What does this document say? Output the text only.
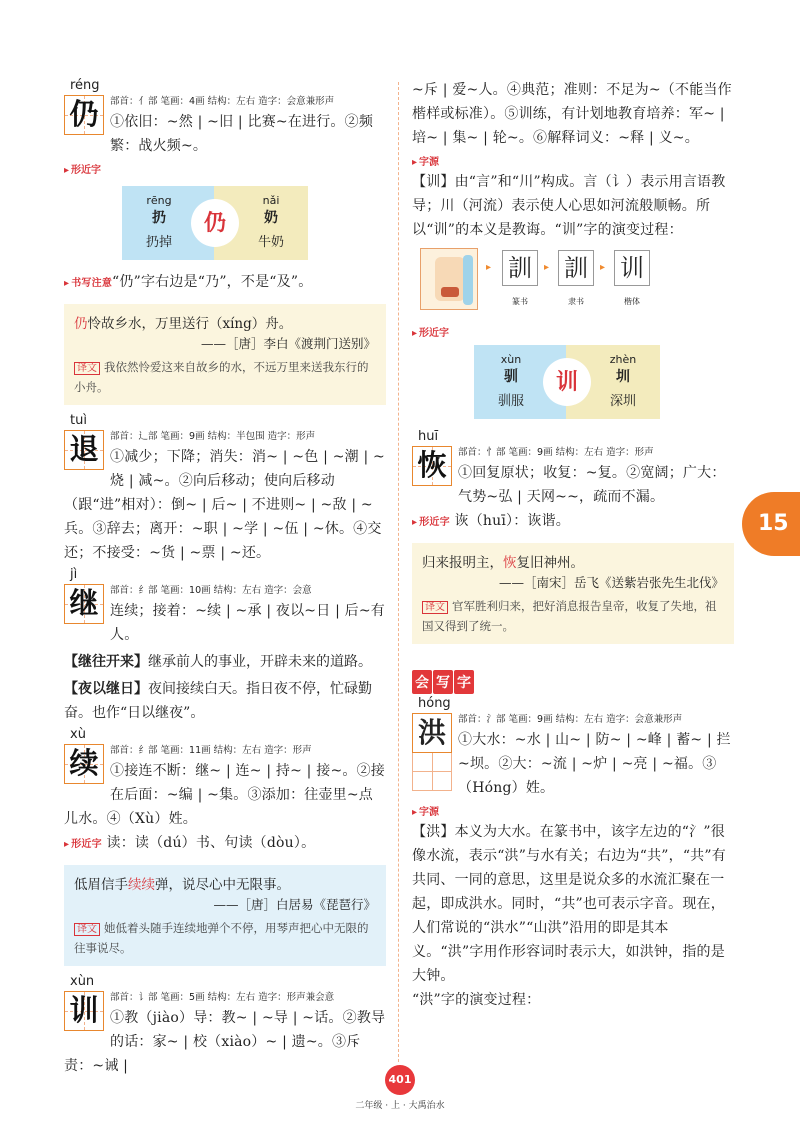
réng
仍	部首：亻部 笔画：4画 结构：左右 造字：会意兼形声
①依旧：~然 | ~旧 | 比赛~在进行。②频繁：战火频~。
▸ 形近字
rēng
扔
扔掉
仍
nǎi
奶
牛奶
▸ 书写注意“仍”字右边是“乃”，不是“及”。
仍怜故乡水，万里送行（xíng）舟。
——［唐］李白《渡荆门送别》
译文 我依然怜爱这来自故乡的水，不远万里来送我东行的小舟。
tuì
退	部首：辶部 笔画：9画 结构：半包围 造字：形声
①减少；下降；消失：消~ | ~色 | ~潮 | ~烧 | 减~。②向后移动；使向后移动（跟“进”相对）：倒~ | 后~ | 不进则~ | ~敌 | ~兵。③辞去；离开：~职 | ~学 | ~伍 | ~休。④交还；不接受：~货 | ~票 | ~还。
jì
继	部首：纟部 笔画：10画 结构：左右 造字：会意
连续；接着：~续 | ~承 | 夜以~日 | 后~有人。
【继往开来】继承前人的事业，开辟未来的道路。
【夜以继日】夜间接续白天。指日夜不停，忙碌勤奋。也作“日以继夜”。
xù
续	部首：纟部 笔画：11画 结构：左右 造字：形声
①接连不断：继~ | 连~ | 持~ | 接~。②接在后面：~编 | ~集。③添加：往壶里~点儿水。④（Xù）姓。
▸ 形近字 读：读（dú）书、句读（dòu）。
低眉信手续续弹，说尽心中无限事。
——［唐］白居易《琵琶行》
译文 她低着头随手连续地弹个不停，用琴声把心中无限的往事说尽。
xùn
训	部首：讠部 笔画：5画 结构：左右 造字：形声兼会意
①教（jiào）导：教~ | ~导 | ~话。②教导的话：家~ | 校（xiào）~ | 遗~。③斥责：~诫 |
~斥 | 爱~人。④典范；准则：不足为~（不能当作楷样或标准）。⑤训练，有计划地教育培养：军~ | 培~ | 集~ | 轮~。⑥解释词义：~释 | 义~。
▸ 字源
【训】由“言”和“川”构成。言（讠）表示用言语教导；川（河流）表示使人心思如河流般顺畅。所以“训”的本义是教诲。“训”字的演变过程：
▸ 訓
篆书
▸ 訓
隶书
▸ 训
楷体
▸ 形近字
xùn
驯
驯服
训
zhèn
圳
深圳
huī
恢	部首：忄部 笔画：9画 结构：左右 造字：形声
①回复原状；收复：~复。②宽阔；广大：气势~弘 | 天网~~，疏而不漏。
▸ 形近字 诙（huī）：诙谐。
归来报明主，恢复旧神州。
——［南宋］岳飞《送紫岩张先生北伐》
译文 官军胜利归来，把好消息报告皇帝，收复了失地，祖国又得到了统一。
会 写 字
hóng
洪	部首：氵部 笔画：9画 结构：左右 造字：会意兼形声
①大水：~水 | 山~ | 防~ | ~峰 | 蓄~ | 拦~坝。②大：~流 | ~炉 | ~亮 | ~福。③（Hóng）姓。
▸ 字源
【洪】本义为大水。在篆书中，该字左边的“氵”很像水流，表示“洪”与水有关；右边为“共”，“共”有共同、一同的意思，这里是说众多的水流汇聚在一起，即成洪水。同时，“共”也可表示字音。现在，人们常说的“洪水”“山洪”沿用的即是其本义。“洪”字用作形容词时表示大，如洪钟，指的是大钟。
“洪”字的演变过程：
15
401
二年级 · 上 · 大禹治水
